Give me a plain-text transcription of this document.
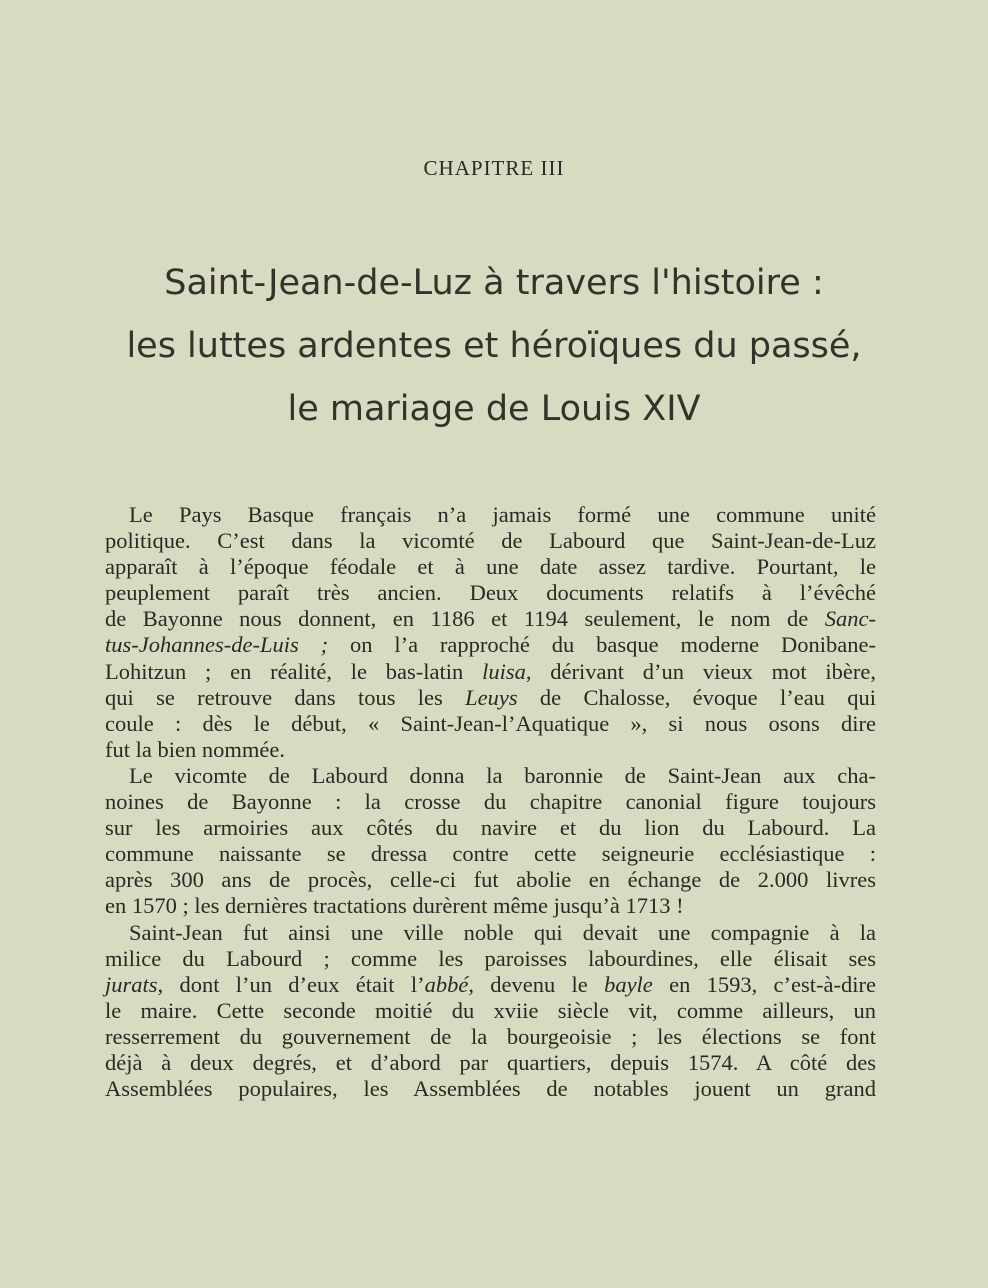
CHAPITRE III
Saint-Jean-de-Luz à travers l'histoire :
les luttes ardentes et héroïques du passé,
le mariage de Louis XIV
Le Pays Basque français n’a jamais formé une commune unité
politique. C’est dans la vicomté de Labourd que Saint-Jean-de-Luz
apparaît à l’époque féodale et à une date assez tardive. Pourtant, le
peuplement paraît très ancien. Deux documents relatifs à l’évêché
de Bayonne nous donnent, en 1186 et 1194 seulement, le nom de Sanc-
tus-Johannes-de-Luis ; on l’a rapproché du basque moderne Donibane-
Lohitzun ; en réalité, le bas-latin luisa, dérivant d’un vieux mot ibère,
qui se retrouve dans tous les Leuys de Chalosse, évoque l’eau qui
coule : dès le début, « Saint-Jean-l’Aquatique », si nous osons dire
fut la bien nommée.
Le vicomte de Labourd donna la baronnie de Saint-Jean aux cha-
noines de Bayonne : la crosse du chapitre canonial figure toujours
sur les armoiries aux côtés du navire et du lion du Labourd. La
commune naissante se dressa contre cette seigneurie ecclésiastique :
après 300 ans de procès, celle-ci fut abolie en échange de 2.000 livres
en 1570 ; les dernières tractations durèrent même jusqu’à 1713 !
Saint-Jean fut ainsi une ville noble qui devait une compagnie à la
milice du Labourd ; comme les paroisses labourdines, elle élisait ses
jurats, dont l’un d’eux était l’abbé, devenu le bayle en 1593, c’est-à-dire
le maire. Cette seconde moitié du xviie siècle vit, comme ailleurs, un
resserrement du gouvernement de la bourgeoisie ; les élections se font
déjà à deux degrés, et d’abord par quartiers, depuis 1574. A côté des
Assemblées populaires, les Assemblées de notables jouent un grand
